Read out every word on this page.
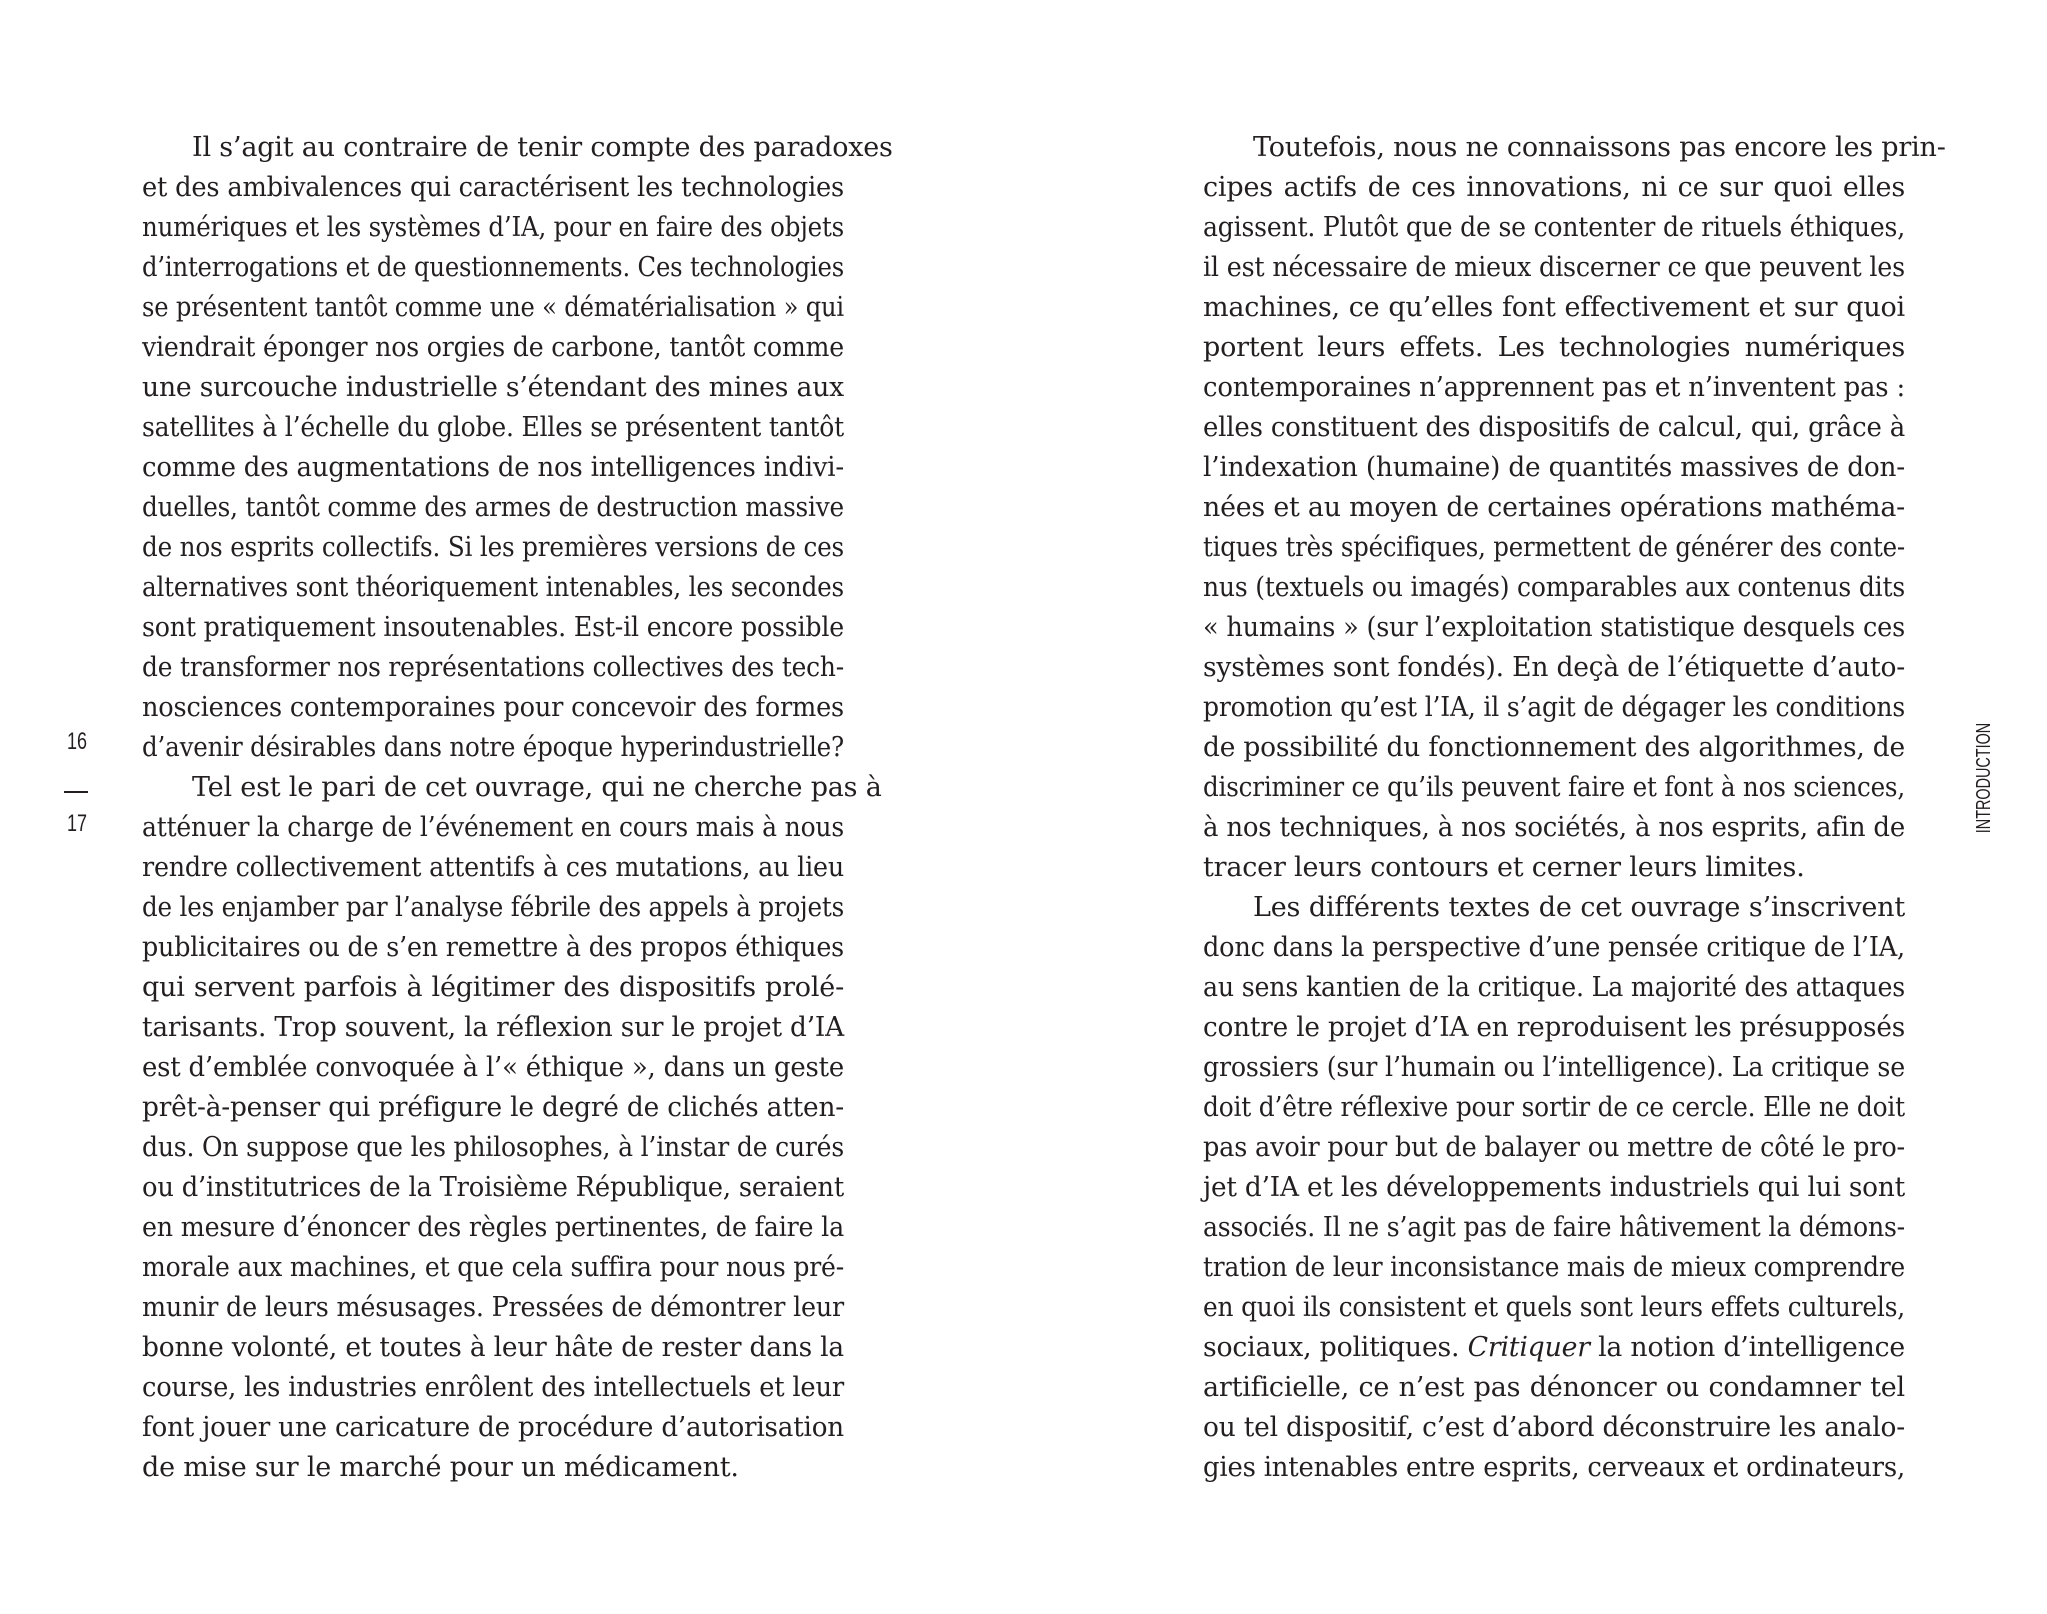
Il s’agit au contraire de tenir compte des paradoxes
et des ambivalences qui caractérisent les technologies
numériques et les systèmes d’IA, pour en faire des objets
d’interrogations et de questionnements. Ces technologies
se présentent tantôt comme une « dématérialisation » qui
viendrait éponger nos orgies de carbone, tantôt comme
une surcouche industrielle s’étendant des mines aux
satellites à l’échelle du globe. Elles se présentent tantôt
comme des augmentations de nos intelligences indivi-
duelles, tantôt comme des armes de destruction massive
de nos esprits collectifs. Si les premières versions de ces
alternatives sont théoriquement intenables, les secondes
sont pratiquement insoutenables. Est-il encore possible
de transformer nos représentations collectives des tech-
nosciences contemporaines pour concevoir des formes
d’avenir désirables dans notre époque hyperindustrielle?
Tel est le pari de cet ouvrage, qui ne cherche pas à
atténuer la charge de l’événement en cours mais à nous
rendre collectivement attentifs à ces mutations, au lieu
de les enjamber par l’analyse fébrile des appels à projets
publicitaires ou de s’en remettre à des propos éthiques
qui servent parfois à légitimer des dispositifs prolé-
tarisants. Trop souvent, la réflexion sur le projet d’IA
est d’emblée convoquée à l’« éthique », dans un geste
prêt-à-penser qui préfigure le degré de clichés atten-
dus. On suppose que les philosophes, à l’instar de curés
ou d’institutrices de la Troisième République, seraient
en mesure d’énoncer des règles pertinentes, de faire la
morale aux machines, et que cela suffira pour nous pré-
munir de leurs mésusages. Pressées de démontrer leur
bonne volonté, et toutes à leur hâte de rester dans la
course, les industries enrôlent des intellectuels et leur
font jouer une caricature de procédure d’autorisation
de mise sur le marché pour un médicament.
Toutefois, nous ne connaissons pas encore les prin-
cipes actifs de ces innovations, ni ce sur quoi elles
agissent. Plutôt que de se contenter de rituels éthiques,
il est nécessaire de mieux discerner ce que peuvent les
machines, ce qu’elles font effectivement et sur quoi
portent leurs effets. Les technologies numériques
contemporaines n’apprennent pas et n’inventent pas :
elles constituent des dispositifs de calcul, qui, grâce à
l’indexation (humaine) de quantités massives de don-
nées et au moyen de certaines opérations mathéma-
tiques très spécifiques, permettent de générer des conte-
nus (textuels ou imagés) comparables aux contenus dits
« humains » (sur l’exploitation statistique desquels ces
systèmes sont fondés). En deçà de l’étiquette d’auto-
promotion qu’est l’IA, il s’agit de dégager les conditions
de possibilité du fonctionnement des algorithmes, de
discriminer ce qu’ils peuvent faire et font à nos sciences,
à nos techniques, à nos sociétés, à nos esprits, afin de
tracer leurs contours et cerner leurs limites.
Les différents textes de cet ouvrage s’inscrivent
donc dans la perspective d’une pensée critique de l’IA,
au sens kantien de la critique. La majorité des attaques
contre le projet d’IA en reproduisent les présupposés
grossiers (sur l’humain ou l’intelligence). La critique se
doit d’être réflexive pour sortir de ce cercle. Elle ne doit
pas avoir pour but de balayer ou mettre de côté le pro-
jet d’IA et les développements industriels qui lui sont
associés. Il ne s’agit pas de faire hâtivement la démons-
tration de leur inconsistance mais de mieux comprendre
en quoi ils consistent et quels sont leurs effets culturels,
sociaux, politiques. Critiquer la notion d’intelligence
artificielle, ce n’est pas dénoncer ou condamner tel
ou tel dispositif, c’est d’abord déconstruire les analo-
gies intenables entre esprits, cerveaux et ordinateurs,
16
17	INTRODUCTION
